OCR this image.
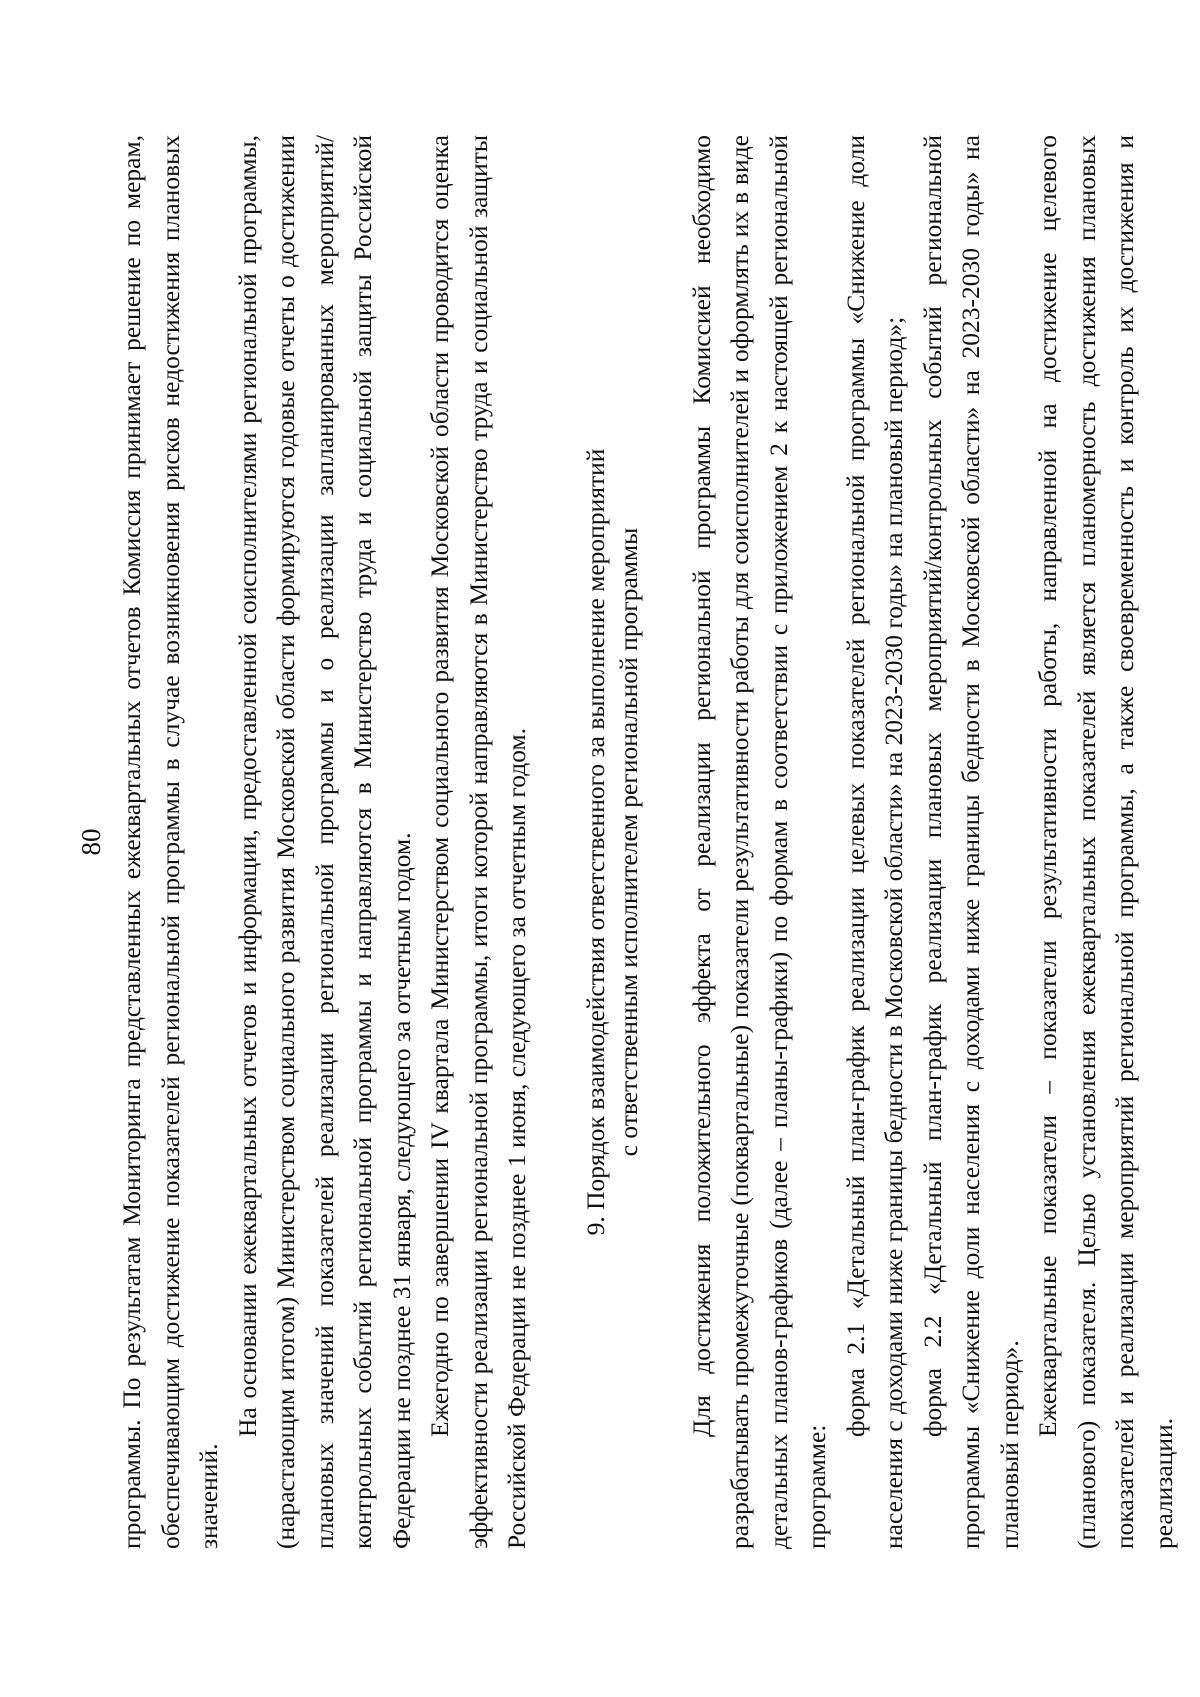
80 программы. По результатам Мониторинга представленных ежеквартальных отчетов Комиссия принимает решение по мерам, обеспечивающим достижение показателей региональной программы в случае возникновения рисков недостижения плановых значений.

На основании ежеквартальных отчетов и информации, предоставленной соисполнителями региональной программы, (нарастающим итогом) Министерством социального развития Московской области формируются годовые отчеты о достижении плановых значений показателей реализации региональной программы и о реализации запланированных мероприятий/контрольных событий региональной программы и направляются в Министерство труда и социальной защиты Российской Федерации не позднее 31 января, следующего за отчетным годом. Ежегодно по завершении IV квартала Министерством социального развития Московской области проводится оценка эффективности реализации региональной программы, итоги которой направляются в Министерство труда и социальной защиты Российской Федерации не позднее 1 июня, следующего за отчетным годом. 9. Порядок взаимодействия ответственного за выполнение мероприятий с ответственным исполнителем региональной программы Для достижения положительного эффекта от реализации региональной программы Комиссией необходимо разрабатывать промежуточные (поквартальные) показатели результативности работы для соисполнителей и оформлять их в виде детальных планов-графиков (далее – планы-графики) по формам в соответствии с приложением 2 к настоящей региональной программе:

форма 2.1 «Детальный план-график реализации целевых показателей региональной программы «Снижение доли населения с доходами ниже границы бедности в Московской области» на 2023-2030 годы» на плановый период»; форма 2.2 «Детальный план-график реализации плановых мероприятий/контрольных событий региональной программы «Снижение доли населения с доходами ниже границы бедности в Московской области» на 2023-2030 годы» на плановый период».

Ежеквартальные показатели – показатели результативности работы, направленной на достижение целевого (планового) показателя. Целью установления ежеквартальных показателей является планомерность достижения плановых показателей и реализации мероприятий региональной программы, а также своевременность и контроль их достижения и реализации.
